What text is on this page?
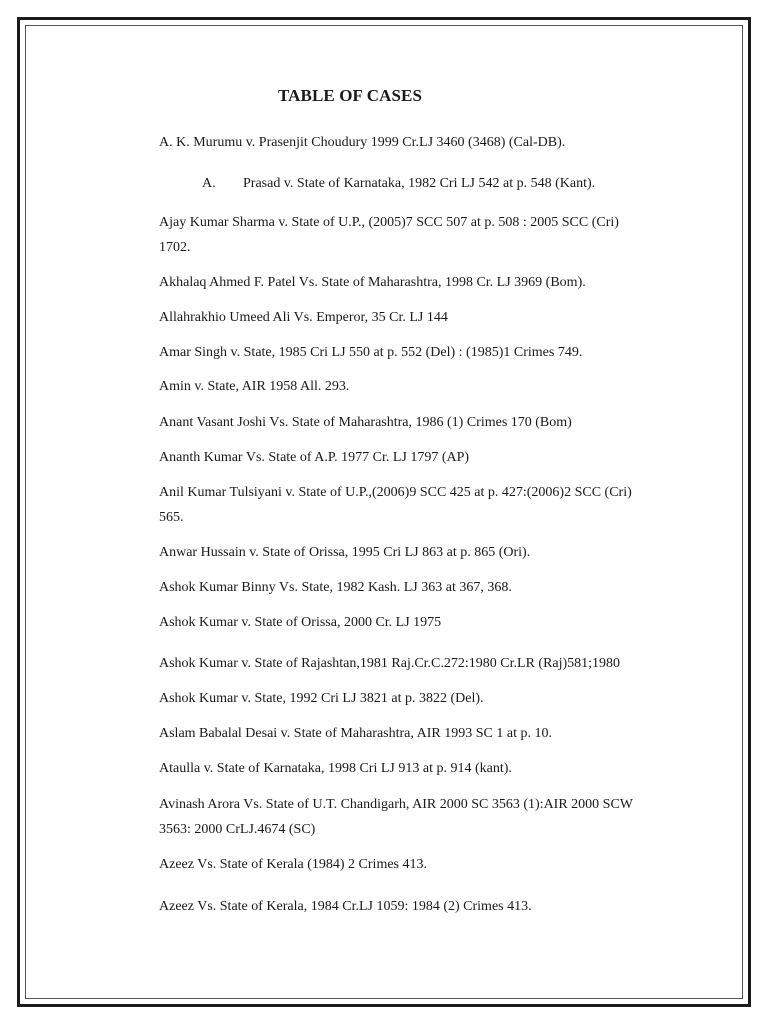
TABLE OF CASES
A. K. Murumu v. Prasenjit Choudury 1999 Cr.LJ 3460 (3468) (Cal-DB).
A. Prasad v. State of Karnataka, 1982 Cri LJ 542 at p. 548 (Kant).
Ajay Kumar Sharma v. State of U.P., (2005)7 SCC 507 at p. 508 : 2005 SCC (Cri)
1702.
Akhalaq Ahmed F. Patel Vs. State of Maharashtra, 1998 Cr. LJ 3969 (Bom).
Allahrakhio Umeed Ali Vs. Emperor, 35 Cr. LJ 144
Amar Singh v. State, 1985 Cri LJ 550 at p. 552 (Del) : (1985)1 Crimes 749.
Amin v. State, AIR 1958 All. 293.
Anant Vasant Joshi Vs. State of Maharashtra, 1986 (1) Crimes 170 (Bom)
Ananth Kumar Vs. State of A.P. 1977 Cr. LJ 1797 (AP)
Anil Kumar Tulsiyani v. State of U.P.,(2006)9 SCC 425 at p. 427:(2006)2 SCC (Cri)
565.
Anwar Hussain v. State of Orissa, 1995 Cri LJ 863 at p. 865 (Ori).
Ashok Kumar Binny Vs. State, 1982 Kash. LJ 363 at 367, 368.
Ashok Kumar v. State of Orissa, 2000 Cr. LJ 1975
Ashok Kumar v. State of Rajashtan,1981 Raj.Cr.C.272:1980 Cr.LR (Raj)581;1980
Ashok Kumar v. State, 1992 Cri LJ 3821 at p. 3822 (Del).
Aslam Babalal Desai v. State of Maharashtra, AIR 1993 SC 1 at p. 10.
Ataulla v. State of Karnataka, 1998 Cri LJ 913 at p. 914 (kant).
Avinash Arora Vs. State of U.T. Chandigarh, AIR 2000 SC 3563 (1):AIR 2000 SCW
3563: 2000 CrLJ.4674 (SC)
Azeez Vs. State of Kerala (1984) 2 Crimes 413.
Azeez Vs. State of Kerala, 1984 Cr.LJ 1059: 1984 (2) Crimes 413.
